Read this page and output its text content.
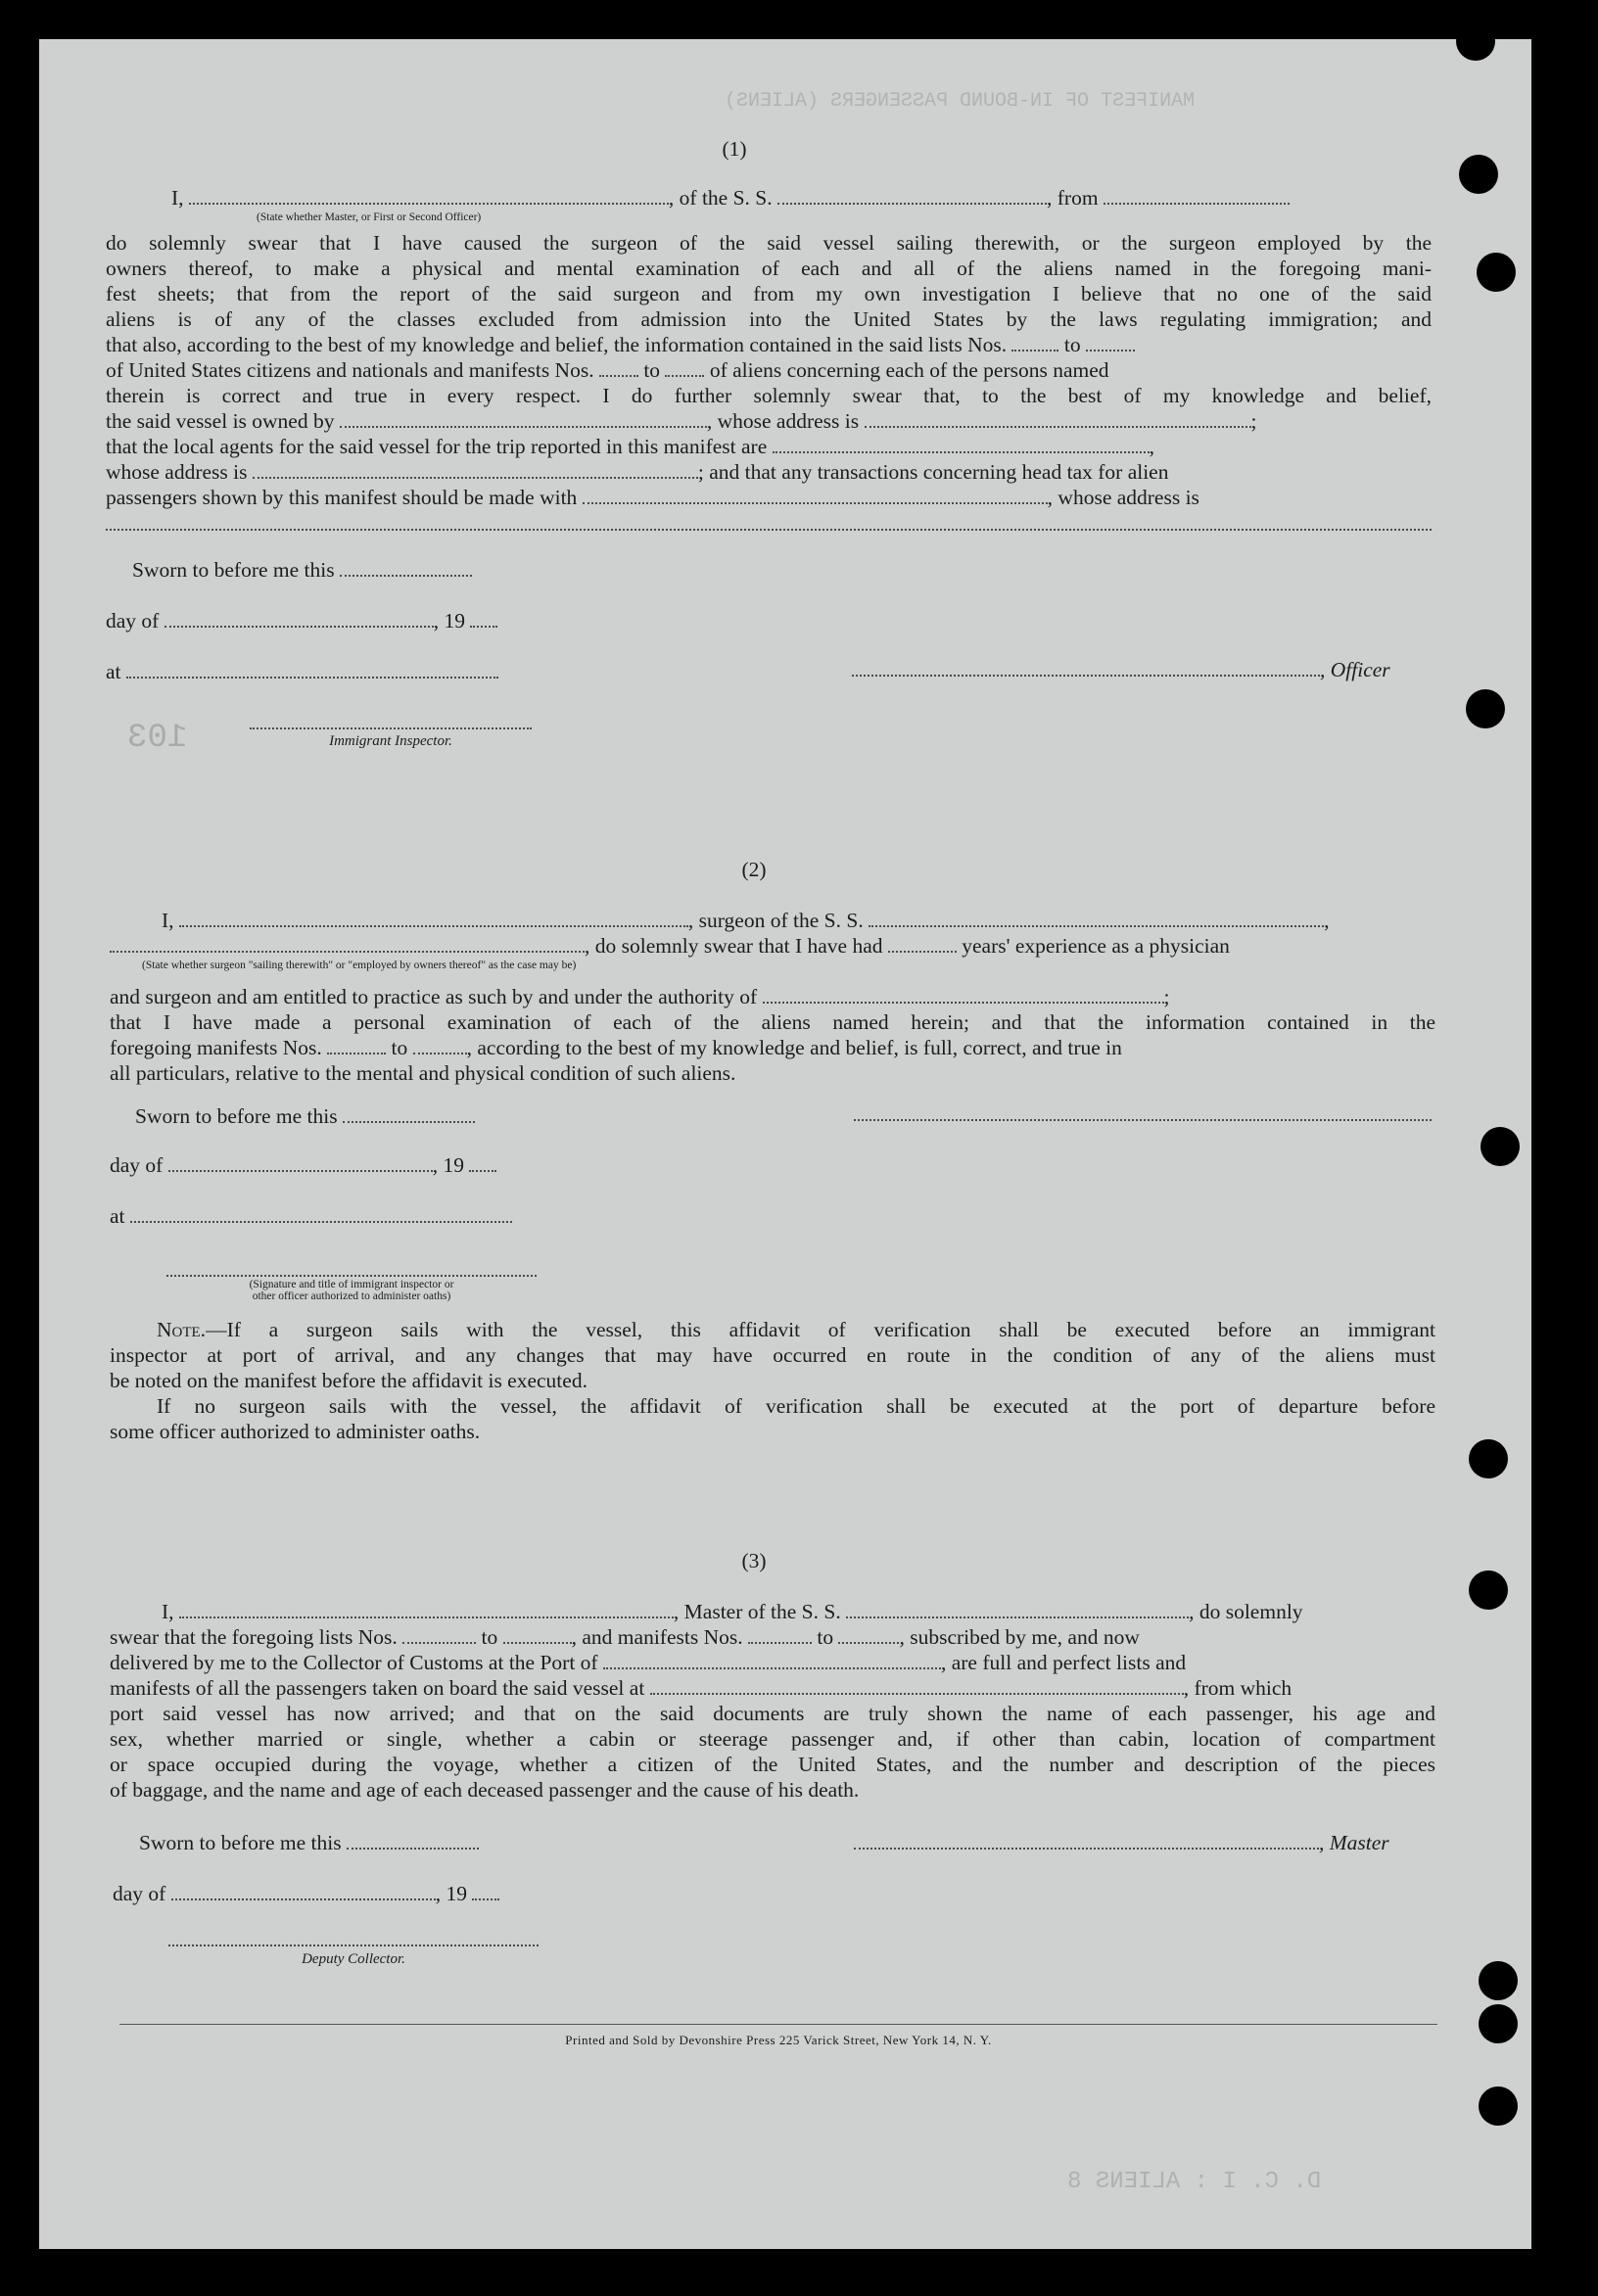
MANIFEST OF IN-BOUND PASSENGERS (ALIENS)
103
D. C. I : ALIENS 8
(1)
I,	, of the S. S.	, from
(State whether Master, or First or Second Officer)
do solemnly swear that I have caused the surgeon of the said vessel sailing therewith, or the surgeon employed by the
owners thereof, to make a physical and mental examination of each and all of the aliens named in the foregoing mani-
fest sheets; that from the report of the said surgeon and from my own investigation I believe that no one of the said
aliens is of any of the classes excluded from admission into the United States by the laws regulating immigration; and
that also, according to the best of my knowledge and belief, the information contained in the said lists Nos.	to
of United States citizens and nationals and manifests Nos. to of aliens concerning each of the persons named
therein is correct and true in every respect. I do further solemnly swear that, to the best of my knowledge and belief,
the said vessel is owned by	, whose address is	;
that the local agents for the said vessel for the trip reported in this manifest are	,
whose address is	; and that any transactions concerning head tax for alien
passengers shown by this manifest should be made with	, whose address is
Sworn to before me this
day of	, 19
at	, Officer
Immigrant Inspector.
(2)
I,	, surgeon of the S. S.	,
, do solemnly swear that I have had	years' experience as a physician
(State whether surgeon "sailing therewith" or "employed by owners thereof" as the case may be)
and surgeon and am entitled to practice as such by and under the authority of	;
that I have made a personal examination of each of the aliens named herein; and that the information contained in the
foregoing manifests Nos.	to	, according to the best of my knowledge and belief, is full, correct, and true in
all particulars, relative to the mental and physical condition of such aliens.
Sworn to before me this
day of	, 19
at
(Signature and title of immigrant inspector or
other officer authorized to administer oaths)
Note.—If a surgeon sails with the vessel, this affidavit of verification shall be executed before an immigrant
inspector at port of arrival, and any changes that may have occurred en route in the condition of any of the aliens must
be noted on the manifest before the affidavit is executed.
If no surgeon sails with the vessel, the affidavit of verification shall be executed at the port of departure before
some officer authorized to administer oaths.
(3)
I,	, Master of the S. S.	, do solemnly
swear that the foregoing lists Nos.	to	, and manifests Nos.	to	, subscribed by me, and now
delivered by me to the Collector of Customs at the Port of	, are full and perfect lists and
manifests of all the passengers taken on board the said vessel at	, from which
port said vessel has now arrived; and that on the said documents are truly shown the name of each passenger, his age and
sex, whether married or single, whether a cabin or steerage passenger and, if other than cabin, location of compartment
or space occupied during the voyage, whether a citizen of the United States, and the number and description of the pieces
of baggage, and the name and age of each deceased passenger and the cause of his death.
Sworn to before me this	, Master
day of	, 19
Deputy Collector.
Printed and Sold by Devonshire Press 225 Varick Street, New York 14, N. Y.
